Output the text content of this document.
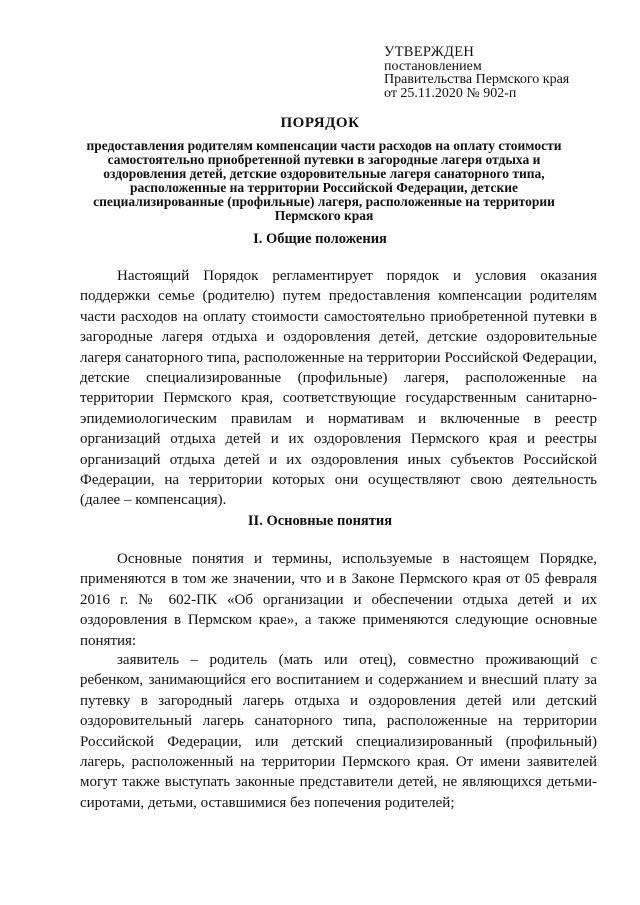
УТВЕРЖДЕН
постановлением
Правительства Пермского края
от 25.11.2020 № 902-п
ПОРЯДОК
предоставления родителям компенсации части расходов на оплату стоимости самостоятельно приобретенной путевки в загородные лагеря отдыха и оздоровления детей, детские оздоровительные лагеря санаторного типа, расположенные на территории Российской Федерации, детские специализированные (профильные) лагеря, расположенные на территории Пермского края
I. Общие положения
Настоящий Порядок регламентирует порядок и условия оказания поддержки семье (родителю) путем предоставления компенсации родителям части расходов на оплату стоимости самостоятельно приобретенной путевки в загородные лагеря отдыха и оздоровления детей, детские оздоровительные лагеря санаторного типа, расположенные на территории Российской Федерации, детские специализированные (профильные) лагеря, расположенные на территории Пермского края, соответствующие государственным санитарно-эпидемиологическим правилам и нормативам и включенные в реестр организаций отдыха детей и их оздоровления Пермского края и реестры организаций отдыха детей и их оздоровления иных субъектов Российской Федерации, на территории которых они осуществляют свою деятельность (далее – компенсация).
II. Основные понятия
Основные понятия и термины, используемые в настоящем Порядке, применяются в том же значении, что и в Законе Пермского края от 05 февраля 2016 г. № 602-ПК «Об организации и обеспечении отдыха детей и их оздоровления в Пермском крае», а также применяются следующие основные понятия:
заявитель – родитель (мать или отец), совместно проживающий с ребенком, занимающийся его воспитанием и содержанием и внесший плату за путевку в загородный лагерь отдыха и оздоровления детей или детский оздоровительный лагерь санаторного типа, расположенные на территории Российской Федерации, или детский специализированный (профильный) лагерь, расположенный на территории Пермского края. От имени заявителей могут также выступать законные представители детей, не являющихся детьми-сиротами, детьми, оставшимися без попечения родителей;
